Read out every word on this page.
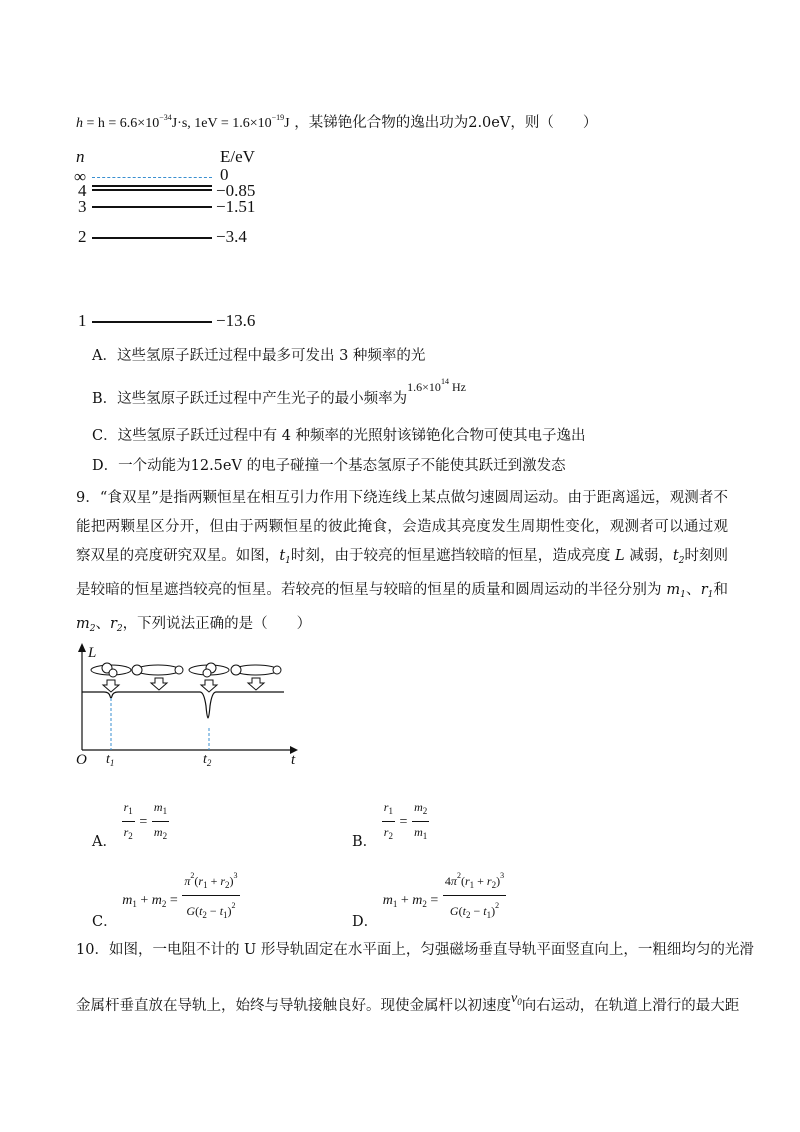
$h = h = 6.6\times 10^{-34}J\cdot s$, $1eV = 1.6\times 10^{-19}J$ ，某锑铯化合物的逸出功为2.0eV，则（　　）
n	E/eV
∞	0
4	−0.85
3	−1.51
2	−3.4
1	−13.6
A．这些氢原子跃迁过程中最多可发出 3 种频率的光
B．这些氢原子跃迁过程中产生光子的最小频率为$^{1.6\times 10^{14} Hz}$
C．这些氢原子跃迁过程中有 4 种频率的光照射该锑铯化合物可使其电子逸出
D．一个动能为12.5eV 的电子碰撞一个基态氢原子不能使其跃迁到激发态
9．“食双星”是指两颗恒星在相互引力作用下绕连线上某点做匀速圆周运动。由于距离遥远，观测者不能把两颗星区分开，但由于两颗恒星的彼此掩食，会造成其亮度发生周期性变化，观测者可以通过观察双星的亮度研究双星。如图，$t_1$时刻，由于较亮的恒星遮挡较暗的恒星，造成亮度 L 减弱，$t_2$时刻则是较暗的恒星遮挡较亮的恒星。若较亮的恒星与较暗的恒星的质量和圆周运动的半径分别为 $m_1$、$r_1$和 $m_2$、$r_2$，下列说法正确的是（　　）
L
t
O $t_1$	$t_2$
A． $\frac{r_1}{r_2} = \frac{m_1}{m_2}$	B． $\frac{r_1}{r_2} = \frac{m_2}{m_1}$
C． $m_1 + m_2 = \frac{\pi^2(r_1 + r_2)^3}{G(t_2 - t_1)^2}$	D． $m_1 + m_2 = \frac{4\pi^2(r_1 + r_2)^3}{G(t_2 - t_1)^2}$
10．如图，一电阻不计的 U 形导轨固定在水平面上，匀强磁场垂直导轨平面竖直向上，一粗细均匀的光滑
金属杆垂直放在导轨上，始终与导轨接触良好。现使金属杆以初速度$v_0$向右运动，在轨道上滑行的最大距
